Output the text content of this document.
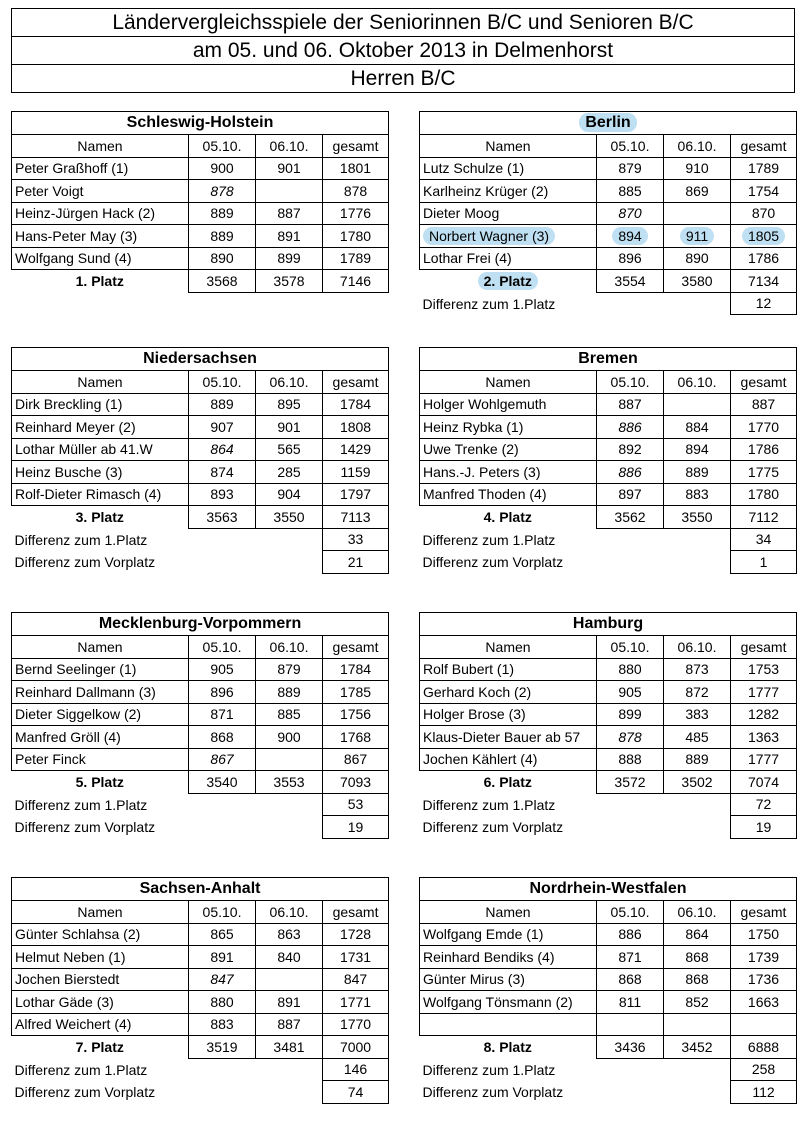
Ländervergleichsspiele der Seniorinnen B/C und Senioren B/C
am 05. und 06. Oktober 2013 in Delmenhorst
Herren B/C
Schleswig-Holstein			
Namen	05.10.	06.10.	gesamt
Peter Graßhoff (1)	900	901	1801
Peter Voigt	878		878
Heinz-Jürgen Hack (2)	889	887	1776
Hans-Peter May (3)	889	891	1780
Wolfgang Sund (4)	890	899	1789
1. Platz	3568	3578	7146
Berlin			
Namen	05.10.	06.10.	gesamt
Lutz Schulze (1)	879	910	1789
Karlheinz Krüger (2)	885	869	1754
Dieter Moog	870		870
Norbert Wagner (3)	894	911	1805
Lothar Frei (4)	896	890	1786
2. Platz	3554	3580	7134
Differenz zum 1.Platz			12
Niedersachsen			
Namen	05.10.	06.10.	gesamt
Dirk Breckling (1)	889	895	1784
Reinhard Meyer (2)	907	901	1808
Lothar Müller ab 41.W	864	565	1429
Heinz Busche (3)	874	285	1159
Rolf-Dieter Rimasch (4)	893	904	1797
3. Platz	3563	3550	7113
Differenz zum 1.Platz			33
Differenz zum Vorplatz			21
Bremen			
Namen	05.10.	06.10.	gesamt
Holger Wohlgemuth	887		887
Heinz Rybka (1)	886	884	1770
Uwe Trenke (2)	892	894	1786
Hans.-J. Peters (3)	886	889	1775
Manfred Thoden (4)	897	883	1780
4. Platz	3562	3550	7112
Differenz zum 1.Platz			34
Differenz zum Vorplatz			1
Mecklenburg-Vorpommern			
Namen	05.10.	06.10.	gesamt
Bernd Seelinger (1)	905	879	1784
Reinhard Dallmann (3)	896	889	1785
Dieter Siggelkow (2)	871	885	1756
Manfred Gröll (4)	868	900	1768
Peter Finck	867		867
5. Platz	3540	3553	7093
Differenz zum 1.Platz			53
Differenz zum Vorplatz			19
Hamburg			
Namen	05.10.	06.10.	gesamt
Rolf Bubert (1)	880	873	1753
Gerhard Koch (2)	905	872	1777
Holger Brose (3)	899	383	1282
Klaus-Dieter Bauer ab 57	878	485	1363
Jochen Kählert (4)	888	889	1777
6. Platz	3572	3502	7074
Differenz zum 1.Platz			72
Differenz zum Vorplatz			19
Sachsen-Anhalt			
Namen	05.10.	06.10.	gesamt
Günter Schlahsa (2)	865	863	1728
Helmut Neben (1)	891	840	1731
Jochen Bierstedt	847		847
Lothar Gäde (3)	880	891	1771
Alfred Weichert (4)	883	887	1770
7. Platz	3519	3481	7000
Differenz zum 1.Platz			146
Differenz zum Vorplatz			74
Nordrhein-Westfalen			
Namen	05.10.	06.10.	gesamt
Wolfgang Emde (1)	886	864	1750
Reinhard Bendiks (4)	871	868	1739
Günter Mirus (3)	868	868	1736
Wolfgang Tönsmann (2)	811	852	1663

8. Platz	3436	3452	6888
Differenz zum 1.Platz			258
Differenz zum Vorplatz			112
